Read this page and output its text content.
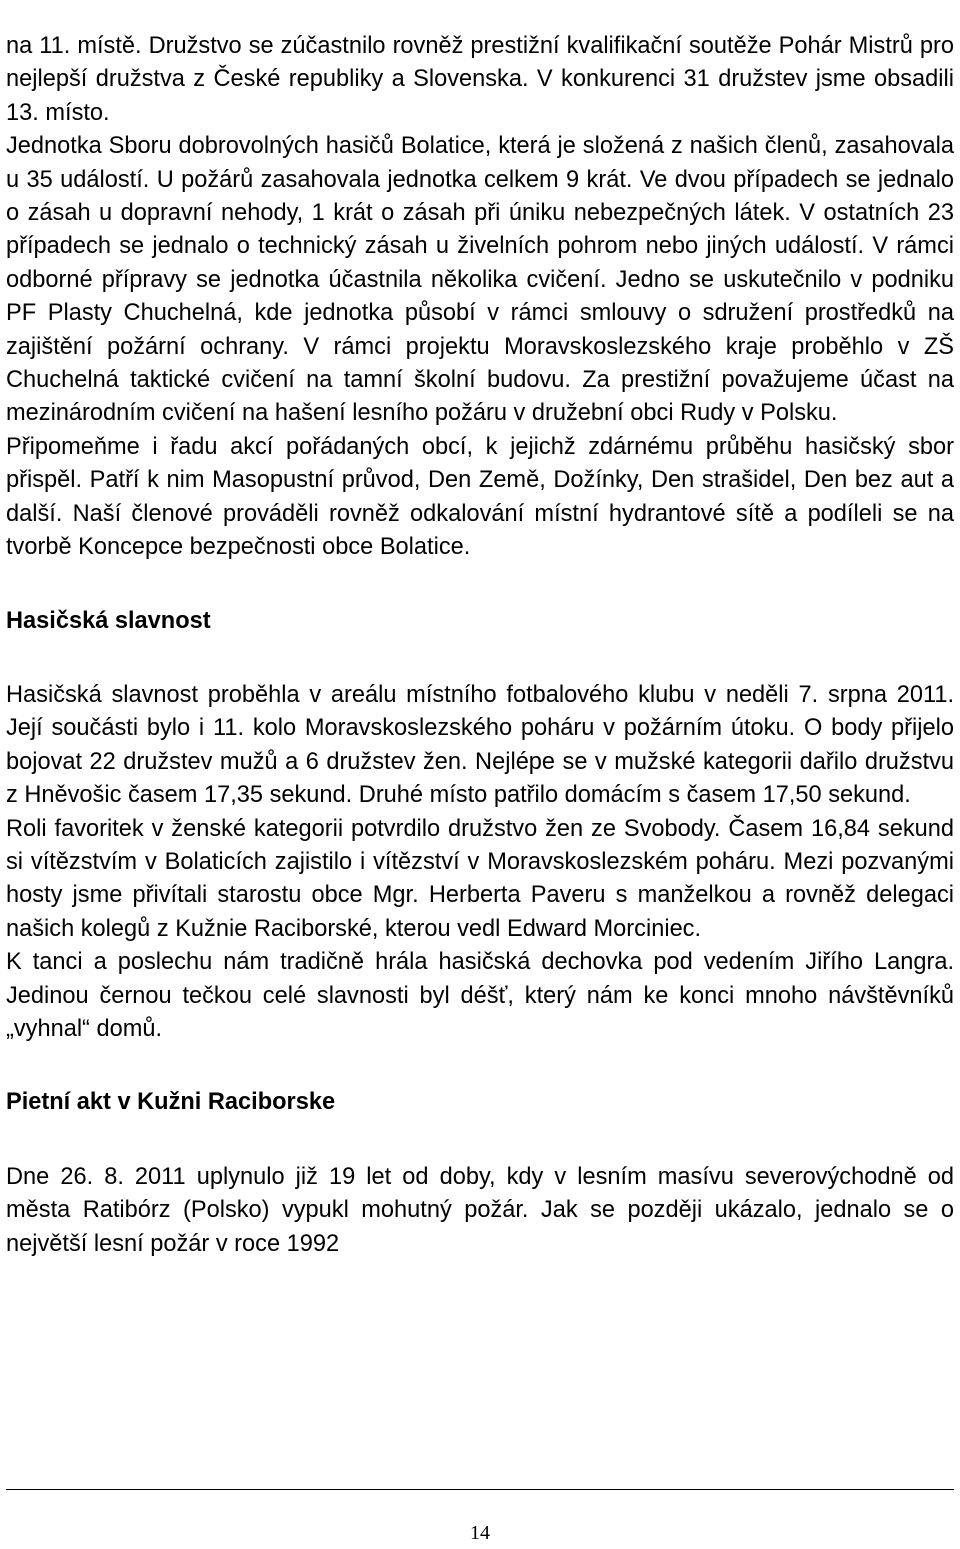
na 11. místě. Družstvo se zúčastnilo rovněž prestižní kvalifikační soutěže Pohár Mistrů pro nejlepší družstva z České republiky a Slovenska. V konkurenci 31 družstev jsme obsadili 13. místo.

Jednotka Sboru dobrovolných hasičů Bolatice, která je složená z našich členů, zasahovala u 35 událostí. U požárů zasahovala jednotka celkem 9 krát. Ve dvou případech se jednalo o zásah u dopravní nehody, 1 krát o zásah při úniku nebezpečných látek. V ostatních 23 případech se jednalo o technický zásah u živelních pohrom nebo jiných událostí. V rámci odborné přípravy se jednotka účastnila několika cvičení. Jedno se uskutečnilo v podniku PF Plasty Chuchelná, kde jednotka působí v rámci smlouvy o sdružení prostředků na zajištění požární ochrany. V rámci projektu Moravskoslezského kraje proběhlo v ZŠ Chuchelná taktické cvičení na tamní školní budovu. Za prestižní považujeme účast na mezinárodním cvičení na hašení lesního požáru v družební obci Rudy v Polsku.

Připomeňme i řadu akcí pořádaných obcí, k jejichž zdárnému průběhu hasičský sbor přispěl. Patří k nim Masopustní průvod, Den Země, Dožínky, Den strašidel, Den bez aut a další. Naší členové prováděli rovněž odkalování místní hydrantové sítě a podíleli se na tvorbě Koncepce bezpečnosti obce Bolatice.

Hasičská slavnost

Hasičská slavnost proběhla v areálu místního fotbalového klubu v neděli 7. srpna 2011. Její součásti bylo i 11. kolo Moravskoslezského poháru v požárním útoku. O body přijelo bojovat 22 družstev mužů a 6 družstev žen. Nejlépe se v mužské kategorii dařilo družstvu z Hněvošic časem 17,35 sekund. Druhé místo patřilo domácím s časem 17,50 sekund.

Roli favoritek v ženské kategorii potvrdilo družstvo žen ze Svobody. Časem 16,84 sekund si vítězstvím v Bolaticích zajistilo i vítězství v Moravskoslezském poháru. Mezi pozvanými hosty jsme přivítali starostu obce Mgr. Herberta Paveru s manželkou a rovněž delegaci našich kolegů z Kužnie Raciborské, kterou vedl Edward Morciniec.

K tanci a poslechu nám tradičně hrála hasičská dechovka pod vedením Jiřího Langra. Jedinou černou tečkou celé slavnosti byl déšť, který nám ke konci mnoho návštěvníků „vyhnal“ domů.

Pietní akt v Kužni Raciborske

Dne 26. 8. 2011 uplynulo již 19 let od doby, kdy v lesním masívu severovýchodně od města Ratibórz (Polsko) vypukl mohutný požár. Jak se později ukázalo, jednalo se o největší lesní požár v roce 1992

14
